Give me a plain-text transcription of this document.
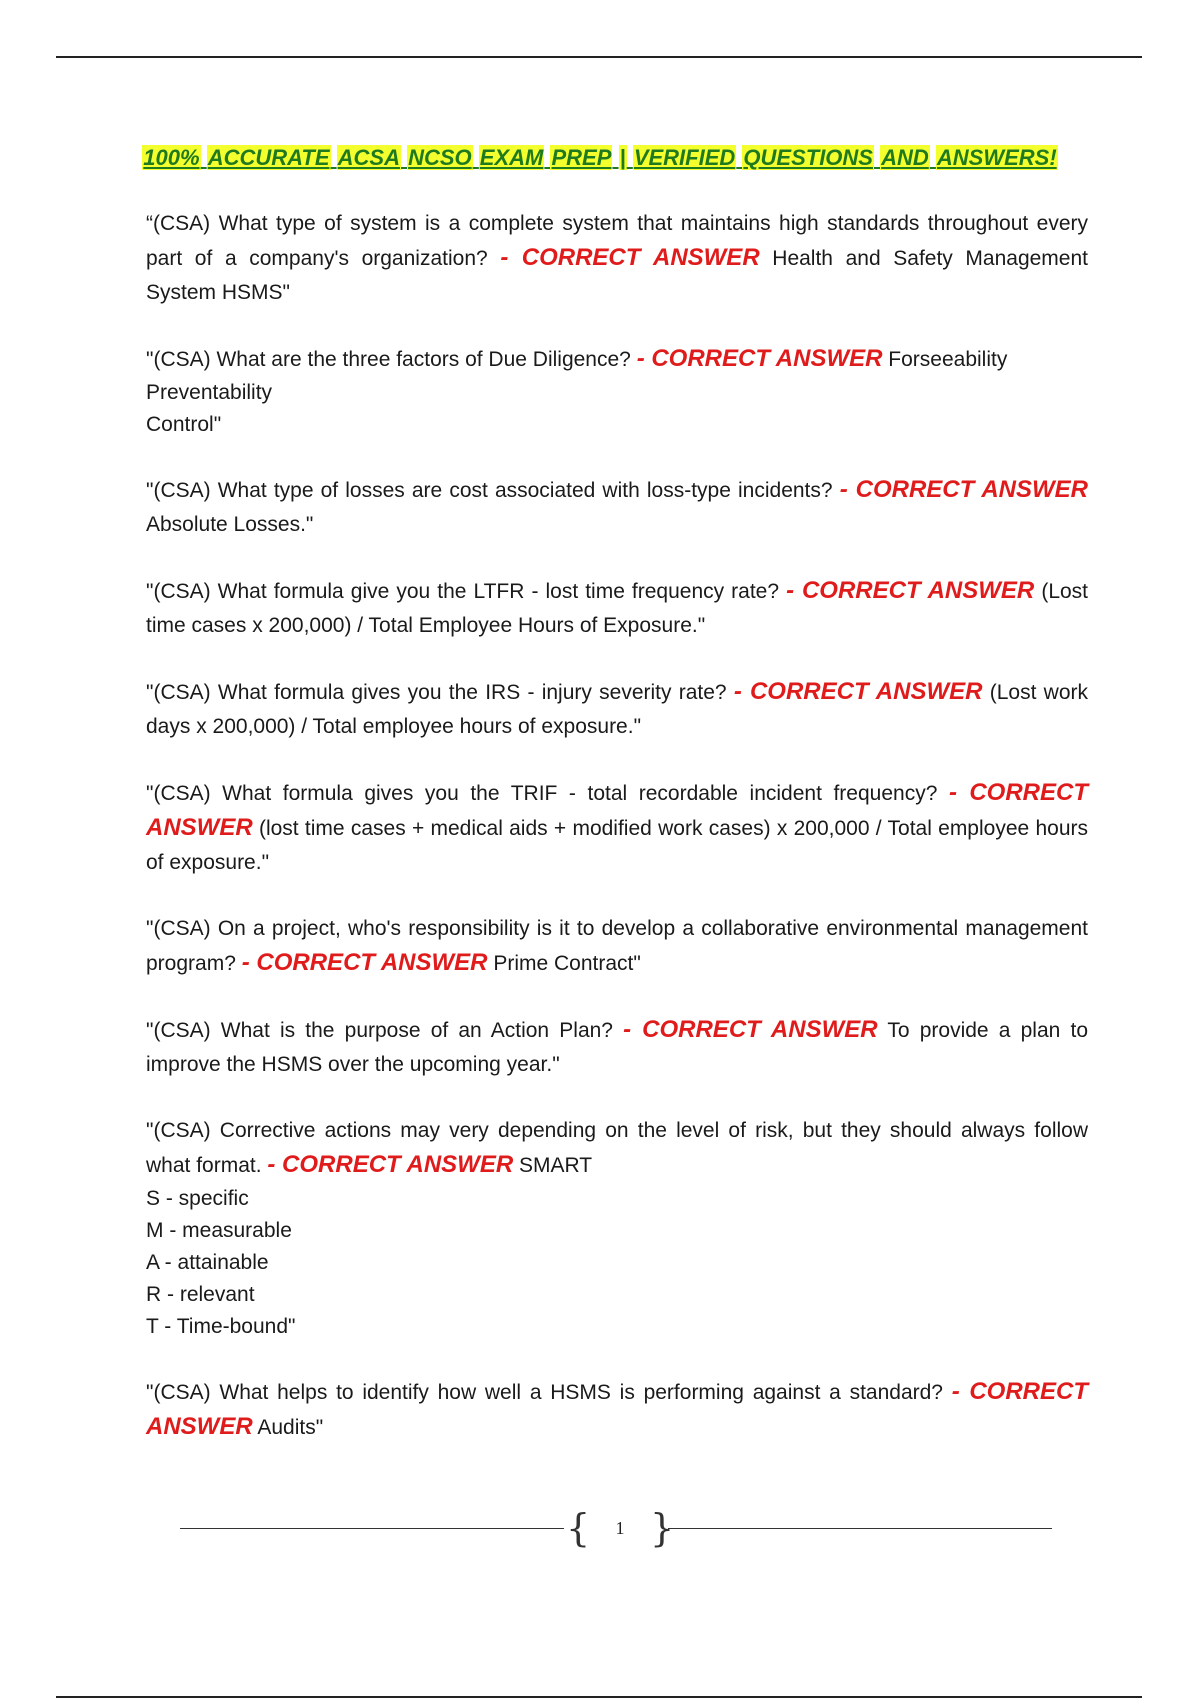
100% ACCURATE ACSA NCSO EXAM PREP | VERIFIED QUESTIONS AND ANSWERS!
“(CSA) What type of system is a complete system that maintains high standards throughout every part of a company's organization? - CORRECT ANSWER Health and Safety Management System HSMS"
"(CSA) What are the three factors of Due Diligence? - CORRECT ANSWER Forseeability
Preventability
Control"
"(CSA) What type of losses are cost associated with loss-type incidents? - CORRECT ANSWER Absolute Losses."
"(CSA) What formula give you the LTFR - lost time frequency rate? - CORRECT ANSWER (Lost time cases x 200,000) / Total Employee Hours of Exposure."
"(CSA) What formula gives you the IRS - injury severity rate? - CORRECT ANSWER (Lost work days x 200,000) / Total employee hours of exposure."
"(CSA) What formula gives you the TRIF - total recordable incident frequency? - CORRECT ANSWER (lost time cases + medical aids + modified work cases) x 200,000 / Total employee hours of exposure."
"(CSA) On a project, who's responsibility is it to develop a collaborative environmental management program? - CORRECT ANSWER Prime Contract"
"(CSA) What is the purpose of an Action Plan? - CORRECT ANSWER To provide a plan to improve the HSMS over the upcoming year."
"(CSA) Corrective actions may very depending on the level of risk, but they should always follow what format. - CORRECT ANSWER SMART
S - specific
M - measurable
A - attainable
R - relevant
T - Time-bound"
"(CSA) What helps to identify how well a HSMS is performing against a standard? - CORRECT ANSWER Audits"
{	1 }
